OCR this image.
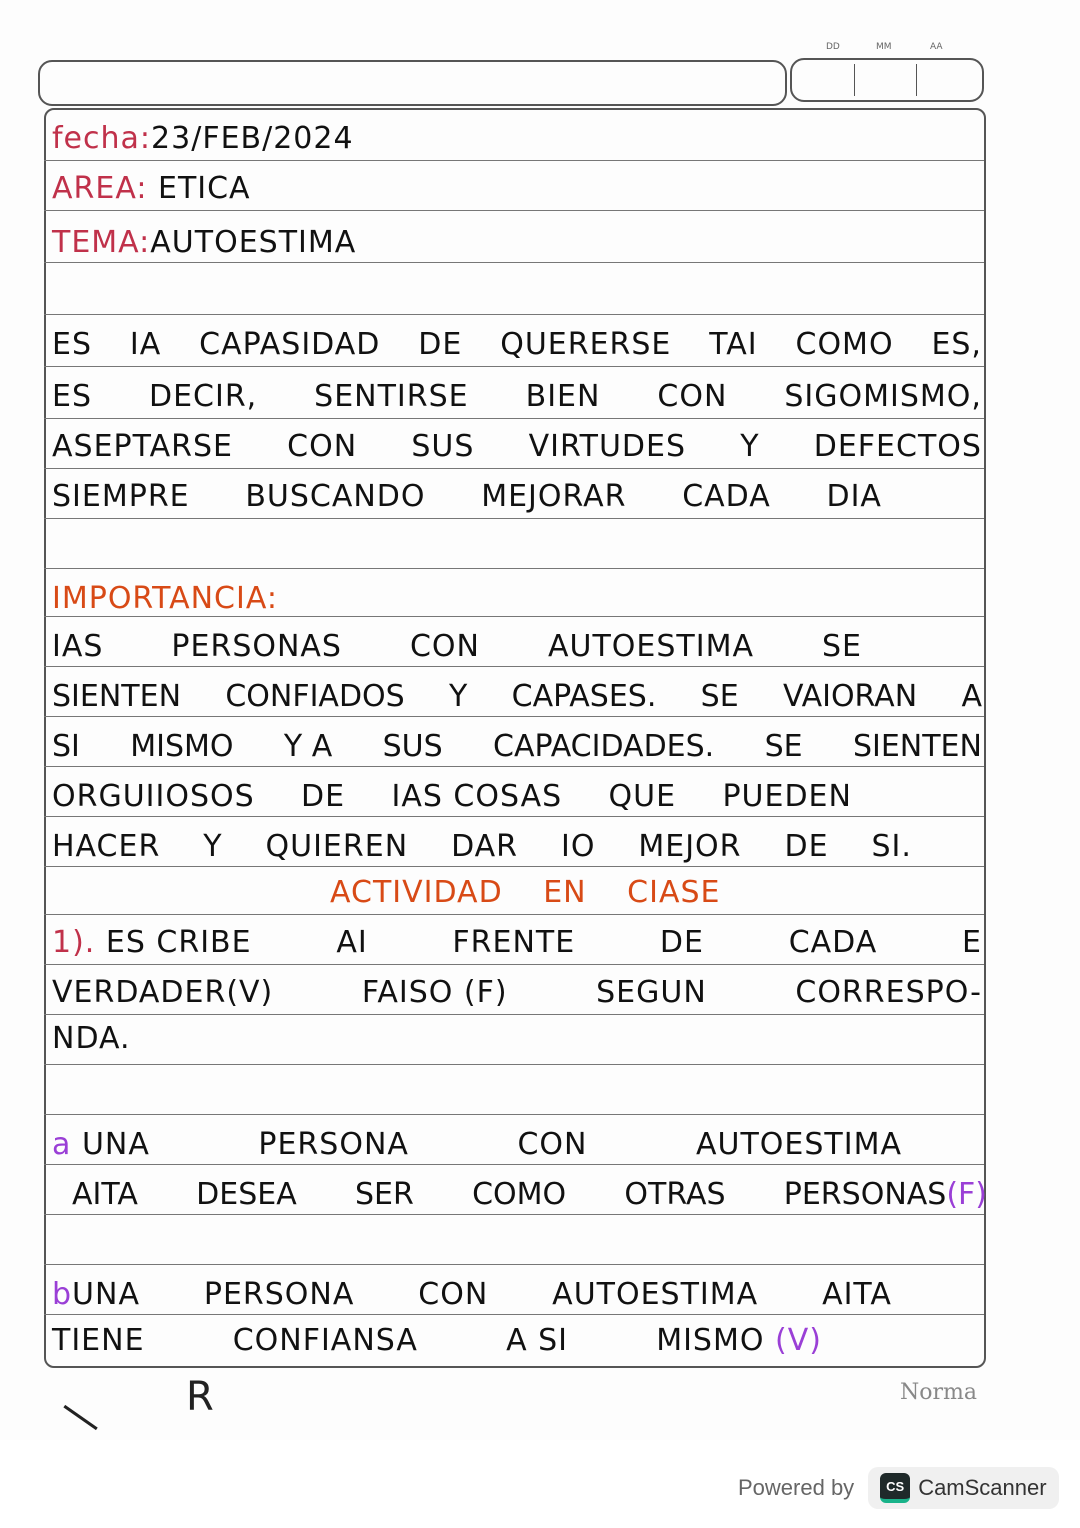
DD	MM	AA
fecha:23/FEB/2024
AREA: ETICA
TEMA:AUTOESTIMA
ES IA CAPASIDAD DE QUERERSE TAI COMO ES,
ES DECIR, SENTIRSE BIEN CON SIGOMISMO,
ASEPTARSE CON SUS VIRTUDES Y DEFECTOS
SIEMPRE BUSCANDO MEJORAR CADA DIA
IMPORTANCIA:
IAS PERSONAS CON AUTOESTIMA SE
SIENTEN CONFIADOS Y CAPASES. SE VAIORAN A
SI MISMO Y A SUS CAPACIDADES. SE SIENTEN
ORGUIIOSOS DE IAS COSAS QUE PUEDEN
HACER Y QUIEREN DAR IO MEJOR DE SI.
ACTIVIDAD EN CIASE
1). ES CRIBE	AI	FRENTE	DE	CADA	E
VERDADER(V)	FAISO (F)	SEGUN	CORRESPO-
NDA.
a UNA	PERSONA	CON	AUTOESTIMA
AITA DESEA SER COMO OTRAS PERSONAS(F)
bUNA PERSONA CON AUTOESTIMA AITA
TIENE	CONFIANSA	A SI	MISMO (V)
— R	Norma
Powered by	CS CamScanner
